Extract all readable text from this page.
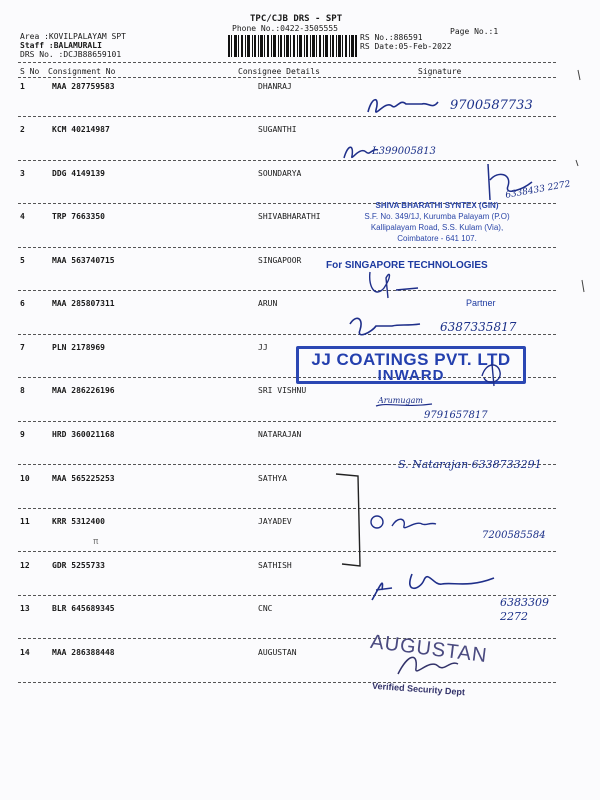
TPC/CJB DRS - SPT
Phone No.:0422-3505555	Page No.:1
Area :KOVILPALAYAM SPT
Staff :BALAMURALI
DRS No. :DCJB88659101
RS No.:886591
RS Date:05-Feb-2022
S No Consignment No	Consignee Details	Signature
1	MAA 287759583	DHANRAJ
2	KCM 40214987	SUGANTHI
3	DDG 4149139	SOUNDARYA
4	TRP 7663350	SHIVABHARATHI
5	MAA 563740715	SINGAPOOR
6	MAA 285807311	ARUN
7	PLN 2178969	JJ
8	MAA 286226196	SRI VISHNU
9	HRD 360021168	NATARAJAN
10	MAA 565225253	SATHYA
11	KRR 5312400	JAYADEV
12	GDR 5255733	SATHISH
13	BLR 645689345	CNC
14	MAA 286388448	AUGUSTAN
9700587733
L399005813
6338433 2272
SHIVA BHARATHI SYNTEX (GIN)
S.F. No. 349/1J, Kurumba Palayam (P.O)
Kallipalayam Road, S.S. Kulam (Via),
Coimbatore - 641 107.
For SINGAPORE TECHNOLOGIES
Partner
6387335817
JJ COATINGS PVT. LTD
INWARD
Arumugam
9791657817
S. Natarajan 6338733291
7200585584
π
6383309 2272
AUGUSTAN
Verified Security Dept
